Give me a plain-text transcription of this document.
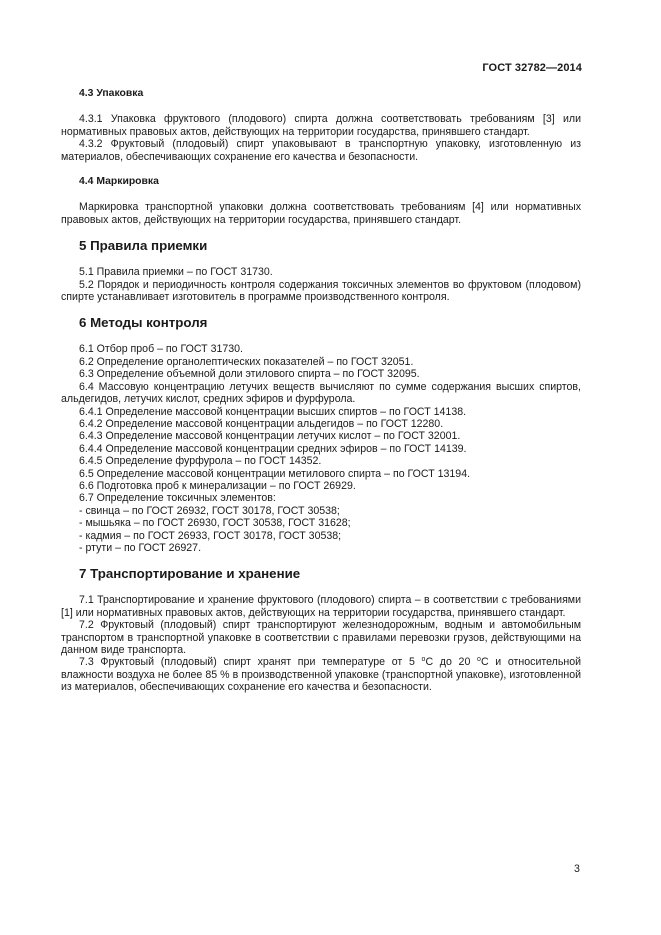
ГОСТ 32782—2014
4.3 Упаковка

4.3.1 Упаковка фруктового (плодового) спирта должна соответствовать требованиям [3] или нормативных правовых актов, действующих на территории государства, принявшего стандарт.

4.3.2 Фруктовый (плодовый) спирт упаковывают в транспортную упаковку, изготовленную из материалов, обеспечивающих сохранение его качества и безопасности.

4.4 Маркировка

Маркировка транспортной упаковки должна соответствовать требованиям [4] или нормативных правовых актов, действующих на территории государства, принявшего стандарт.

5 Правила приемки

5.1 Правила приемки – по ГОСТ 31730.

5.2 Порядок и периодичность контроля содержания токсичных элементов во фруктовом (плодовом) спирте устанавливает изготовитель в программе производственного контроля.

6 Методы контроля

6.1 Отбор проб – по ГОСТ 31730.

6.2 Определение органолептических показателей – по ГОСТ 32051.

6.3 Определение объемной доли этилового спирта – по ГОСТ 32095.

6.4 Массовую концентрацию летучих веществ вычисляют по сумме содержания высших спиртов, альдегидов, летучих кислот, средних эфиров и фурфурола.

6.4.1 Определение массовой концентрации высших спиртов – по ГОСТ 14138.

6.4.2 Определение массовой концентрации альдегидов – по ГОСТ 12280.

6.4.3 Определение массовой концентрации летучих кислот – по ГОСТ 32001.

6.4.4 Определение массовой концентрации средних эфиров – по ГОСТ 14139.

6.4.5 Определение фурфурола – по ГОСТ 14352.

6.5 Определение массовой концентрации метилового спирта – по ГОСТ 13194.

6.6 Подготовка проб к минерализации – по ГОСТ 26929.

6.7 Определение токсичных элементов:

- свинца – по ГОСТ 26932, ГОСТ 30178, ГОСТ 30538;

- мышьяка – по ГОСТ 26930, ГОСТ 30538, ГОСТ 31628;

- кадмия – по ГОСТ 26933, ГОСТ 30178, ГОСТ 30538;

- ртути – по ГОСТ 26927.

7 Транспортирование и хранение

7.1 Транспортирование и хранение фруктового (плодового) спирта – в соответствии с требованиями [1] или нормативных правовых актов, действующих на территории государства, принявшего стандарт.

7.2 Фруктовый (плодовый) спирт транспортируют железнодорожным, водным и автомобильным транспортом в транспортной упаковке в соответствии с правилами перевозки грузов, действующими на данном виде транспорта.

7.3 Фруктовый (плодовый) спирт хранят при температуре от 5 $^o$С до 20 $^o$С и относительной влажности воздуха не более 85 % в производственной упаковке (транспортной упаковке), изготовленной из материалов, обеспечивающих сохранение его качества и безопасности.

3
